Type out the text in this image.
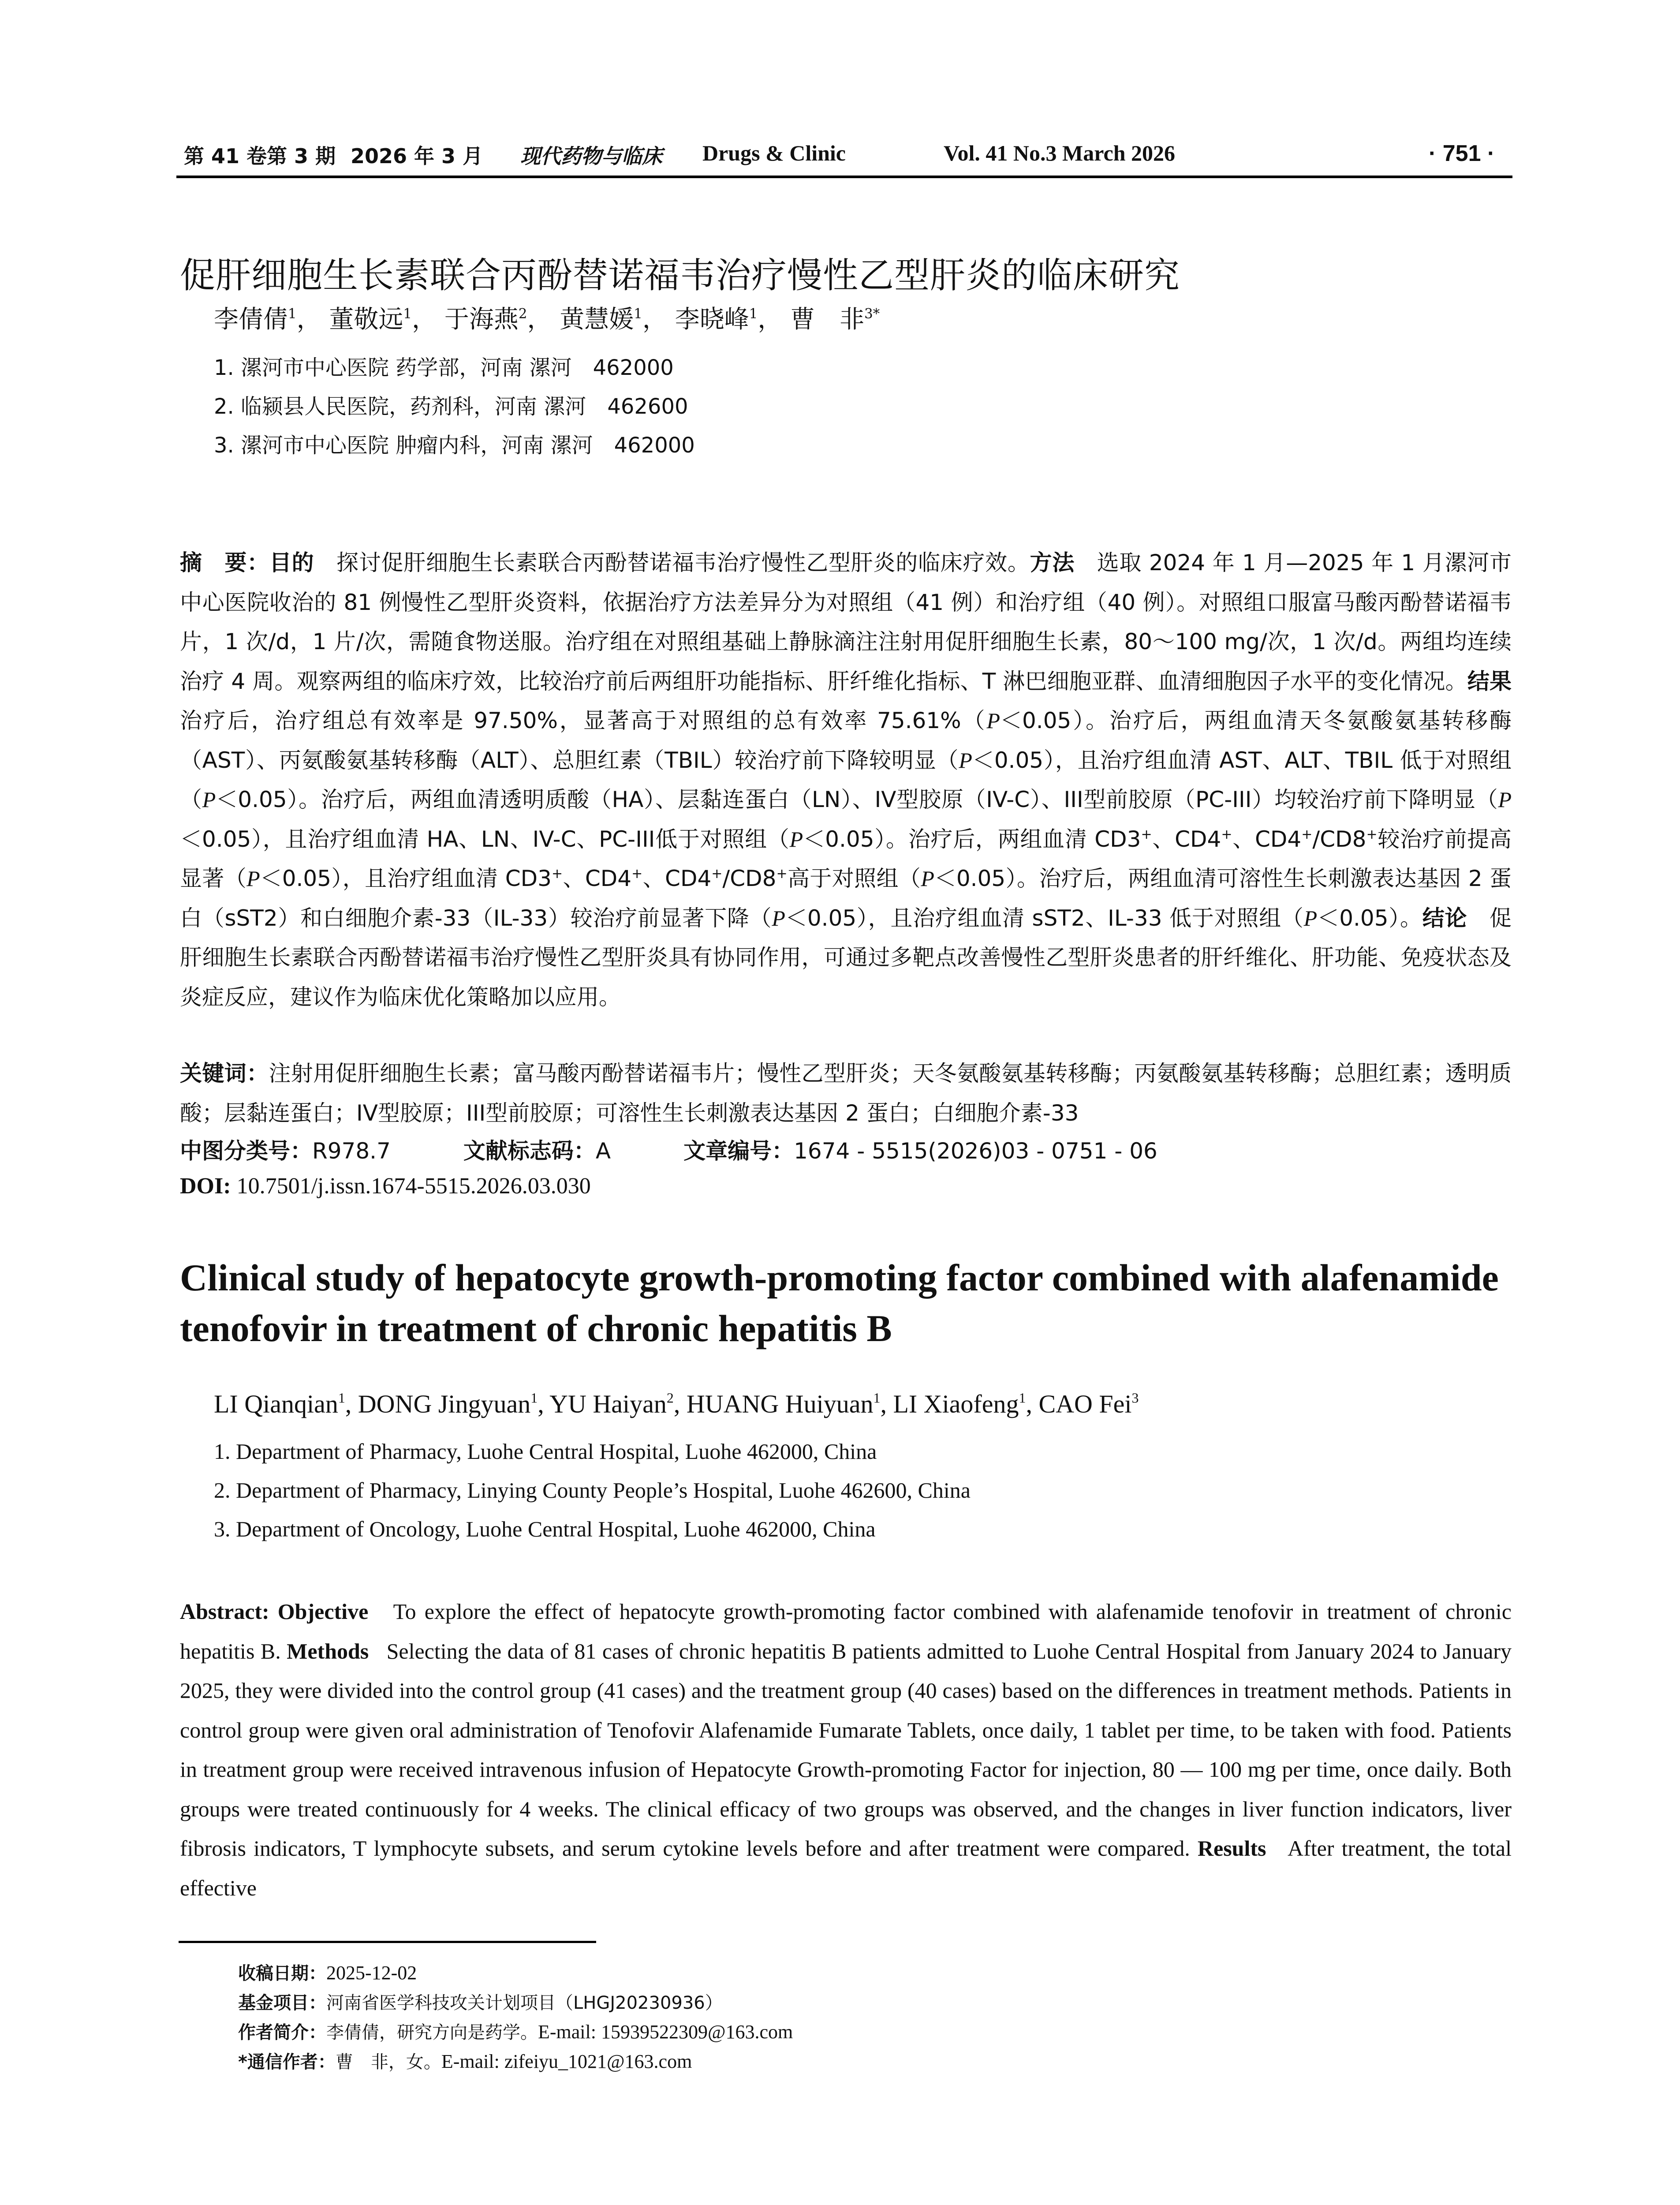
第 41 卷第 3 期 2026 年 3 月 现代药物与临床 Drugs & Clinic	Vol. 41 No.3 March 2026	· 751 ·
促肝细胞生长素联合丙酚替诺福韦治疗慢性乙型肝炎的临床研究
李倩倩$^1$， 董敬远$^1$， 于海燕$^2$， 黄慧媛$^1$， 李晓峰$^1$， 曹　非$^{3*}$
1. 漯河市中心医院 药学部，河南 漯河　462000
2. 临颍县人民医院，药剂科，河南 漯河　462600
3. 漯河市中心医院 肿瘤内科，河南 漯河　462000
摘　要：目的　 探讨促肝细胞生长素联合丙酚替诺福韦治疗慢性乙型肝炎的临床疗效。方法　 选取 2024 年 1 月—2025 年 1 月漯河市中心医院收治的 81 例慢性乙型肝炎资料，依据治疗方法差异分为对照组（41 例）和治疗组（40 例）。对照组口服富马酸丙酚替诺福韦片，1 次/d，1 片/次，需随食物送服。治疗组在对照组基础上静脉滴注注射用促肝细胞生长素，80～100 mg/次，1 次/d。两组均连续治疗 4 周。观察两组的临床疗效，比较治疗前后两组肝功能指标、肝纤维化指标、T 淋巴细胞亚群、血清细胞因子水平的变化情况。结果　治疗后，治疗组总有效率是 97.50%，显著高于对照组的总有效率 75.61%（P＜0.05）。治疗后，两组血清天冬氨酸氨基转移酶（AST）、丙氨酸氨基转移酶（ALT）、总胆红素（TBIL）较治疗前下降较明显（P＜0.05），且治疗组血清 AST、ALT、TBIL 低于对照组（P＜0.05）。治疗后，两组血清透明质酸（HA）、层黏连蛋白（LN）、IV型胶原（IV-C）、III型前胶原（PC-III）均较治疗前下降明显（P＜0.05），且治疗组血清 HA、LN、IV-C、PC-III低于对照组（P＜0.05）。治疗后，两组血清 CD3+、CD4+、CD4+/CD8+较治疗前提高显著（P＜0.05），且治疗组血清 CD3+、CD4+、CD4+/CD8+高于对照组（P＜0.05）。治疗后，两组血清可溶性生长刺激表达基因 2 蛋白（sST2）和白细胞介素-33（IL-33）较治疗前显著下降（P＜0.05），且治疗组血清 sST2、IL-33 低于对照组（P＜0.05）。结论　 促肝细胞生长素联合丙酚替诺福韦治疗慢性乙型肝炎具有协同作用，可通过多靶点改善慢性乙型肝炎患者的肝纤维化、肝功能、免疫状态及炎症反应，建议作为临床优化策略加以应用。
关键词：注射用促肝细胞生长素；富马酸丙酚替诺福韦片；慢性乙型肝炎；天冬氨酸氨基转移酶；丙氨酸氨基转移酶；总胆红素；透明质酸；层黏连蛋白；IV型胶原；III型前胶原；可溶性生长刺激表达基因 2 蛋白；白细胞介素-33
中图分类号：R978.7	文献标志码：A	文章编号：1674 - 5515(2026)03 - 0751 - 06
DOI: 10.7501/j.issn.1674-5515.2026.03.030
Clinical study of hepatocyte growth-promoting factor combined with alafenamide tenofovir in treatment of chronic hepatitis B
LI Qianqian$^1$, DONG Jingyuan$^1$, YU Haiyan$^2$, HUANG Huiyuan$^1$, LI Xiaofeng$^1$, CAO Fei$^3$
1. Department of Pharmacy, Luohe Central Hospital, Luohe 462000, China
2. Department of Pharmacy, Linying County People’s Hospital, Luohe 462600, China
3. Department of Oncology, Luohe Central Hospital, Luohe 462000, China
Abstract: Objective To explore the effect of hepatocyte growth-promoting factor combined with alafenamide tenofovir in treatment of chronic hepatitis B. Methods Selecting the data of 81 cases of chronic hepatitis B patients admitted to Luohe Central Hospital from January 2024 to January 2025, they were divided into the control group (41 cases) and the treatment group (40 cases) based on the differences in treatment methods. Patients in control group were given oral administration of Tenofovir Alafenamide Fumarate Tablets, once daily, 1 tablet per time, to be taken with food. Patients in treatment group were received intravenous infusion of Hepatocyte Growth-promoting Factor for injection, 80 — 100 mg per time, once daily. Both groups were treated continuously for 4 weeks. The clinical efficacy of two groups was observed, and the changes in liver function indicators, liver fibrosis indicators, T lymphocyte subsets, and serum cytokine levels before and after treatment were compared. Results After treatment, the total effective
收稿日期：2025-12-02
基金项目：河南省医学科技攻关计划项目（LHGJ20230936）
作者简介：李倩倩，研究方向是药学。E-mail: 15939522309@163.com
*通信作者：曹　非，女。E-mail: zifeiyu_1021@163.com
